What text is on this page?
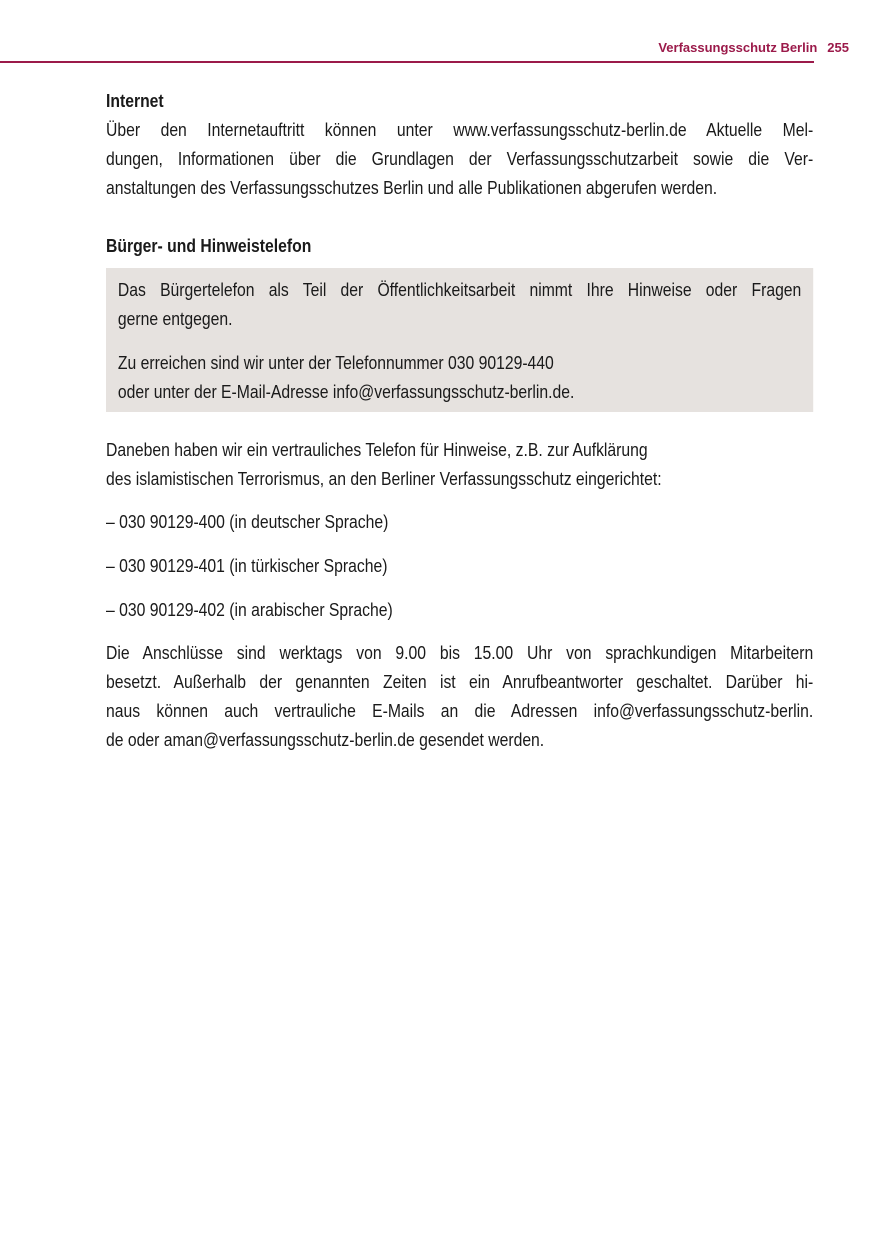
Verfassungsschutz Berlin 255
Internet
Über den Internetauftritt können unter www.verfassungsschutz-berlin.de Aktuelle Mel-
dungen, Informationen über die Grundlagen der Verfassungsschutzarbeit sowie die Ver-
anstaltungen des Verfassungsschutzes Berlin und alle Publikationen abgerufen werden.
Bürger- und Hinweistelefon
Das Bürgertelefon als Teil der Öffentlichkeitsarbeit nimmt Ihre Hinweise oder Fragen
gerne entgegen.
Zu erreichen sind wir unter der Telefonnummer 030 90129-440
oder unter der E-Mail-Adresse info@verfassungsschutz-berlin.de.
Daneben haben wir ein vertrauliches Telefon für Hinweise, z.B. zur Aufklärung
des islamistischen Terrorismus, an den Berliner Verfassungsschutz eingerichtet:
– 030 90129-400 (in deutscher Sprache)
– 030 90129-401 (in türkischer Sprache)
– 030 90129-402 (in arabischer Sprache)
Die Anschlüsse sind werktags von 9.00 bis 15.00 Uhr von sprachkundigen Mitarbeitern
besetzt. Außerhalb der genannten Zeiten ist ein Anrufbeantworter geschaltet. Darüber hi-
naus können auch vertrauliche E-Mails an die Adressen info@verfassungsschutz-berlin.
de oder aman@verfassungsschutz-berlin.de gesendet werden.
